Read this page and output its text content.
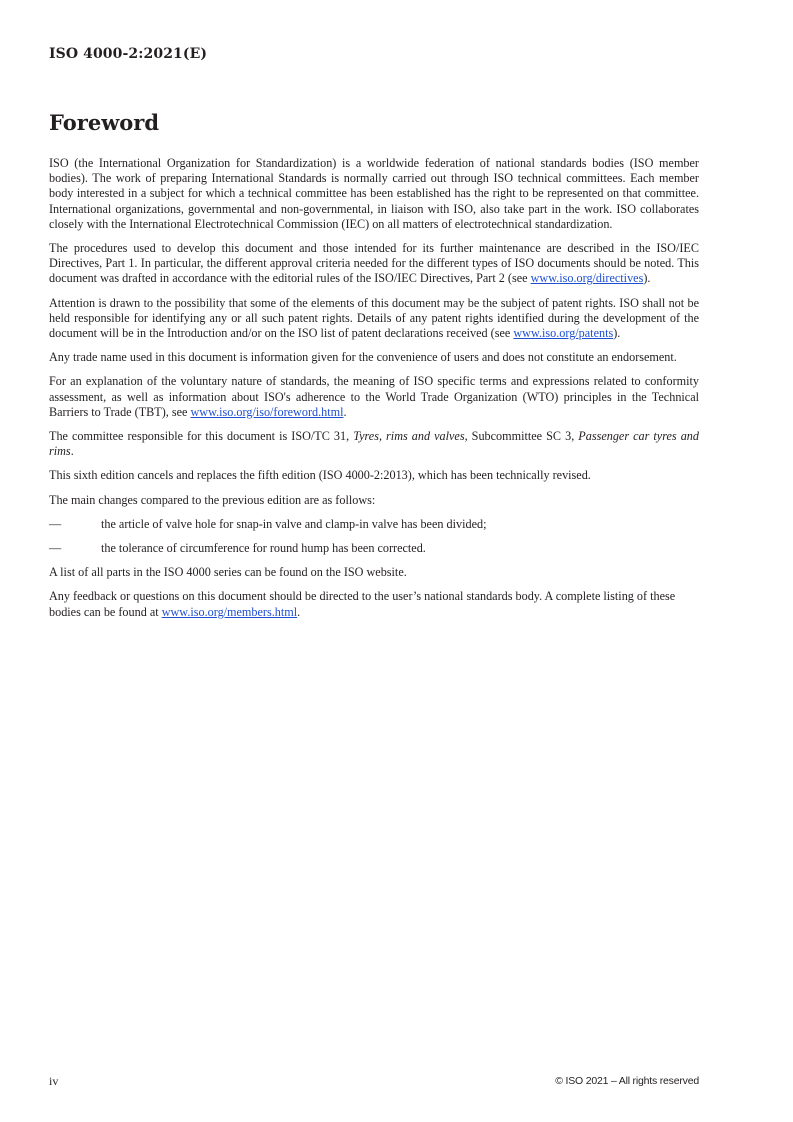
ISO 4000-2:2021(E)
Foreword

ISO (the International Organization for Standardization) is a worldwide federation of national standards bodies (ISO member bodies). The work of preparing International Standards is normally carried out through ISO technical committees. Each member body interested in a subject for which a technical committee has been established has the right to be represented on that committee. International organizations, governmental and non-governmental, in liaison with ISO, also take part in the work. ISO collaborates closely with the International Electrotechnical Commission (IEC) on all matters of electrotechnical standardization.

The procedures used to develop this document and those intended for its further maintenance are described in the ISO/IEC Directives, Part 1. In particular, the different approval criteria needed for the different types of ISO documents should be noted. This document was drafted in accordance with the editorial rules of the ISO/IEC Directives, Part 2 (see www.iso.org/directives).

Attention is drawn to the possibility that some of the elements of this document may be the subject of patent rights. ISO shall not be held responsible for identifying any or all such patent rights. Details of any patent rights identified during the development of the document will be in the Introduction and/or on the ISO list of patent declarations received (see www.iso.org/patents).

Any trade name used in this document is information given for the convenience of users and does not constitute an endorsement.

For an explanation of the voluntary nature of standards, the meaning of ISO specific terms and expressions related to conformity assessment, as well as information about ISO's adherence to the World Trade Organization (WTO) principles in the Technical Barriers to Trade (TBT), see www.iso.org/iso/foreword.html.

The committee responsible for this document is ISO/TC 31, Tyres, rims and valves, Subcommittee SC 3, Passenger car tyres and rims.

This sixth edition cancels and replaces the fifth edition (ISO 4000-2:2013), which has been technically revised.

The main changes compared to the previous edition are as follows:

—	the article of valve hole for snap-in valve and clamp-in valve has been divided;
—	the tolerance of circumference for round hump has been corrected.

A list of all parts in the ISO 4000 series can be found on the ISO website.

Any feedback or questions on this document should be directed to the user’s national standards body. A complete listing of these bodies can be found at www.iso.org/members.html.

iv	© ISO 2021 – All rights reserved
